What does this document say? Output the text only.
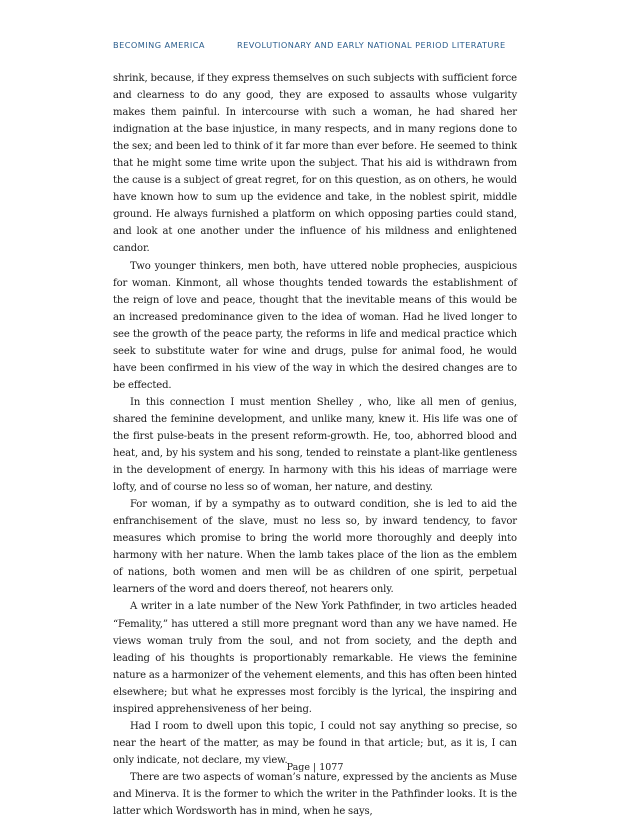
BECOMING AMERICA	REVOLUTIONARY AND EARLY NATIONAL PERIOD LITERATURE

shrink, because, if they express themselves on such subjects with sufficient force and clearness to do any good, they are exposed to assaults whose vulgarity makes them painful. In intercourse with such a woman, he had shared her indignation at the base injustice, in many respects, and in many regions done to the sex; and been led to think of it far more than ever before. He seemed to think that he might some time write upon the subject. That his aid is withdrawn from the cause is a subject of great regret, for on this question, as on others, he would have known how to sum up the evidence and take, in the noblest spirit, middle ground. He always furnished a platform on which opposing parties could stand, and look at one another under the influence of his mildness and enlightened candor.

Two younger thinkers, men both, have uttered noble prophecies, auspicious for woman. Kinmont, all whose thoughts tended towards the establishment of the reign of love and peace, thought that the inevitable means of this would be an increased predominance given to the idea of woman. Had he lived longer to see the growth of the peace party, the reforms in life and medical practice which seek to substitute water for wine and drugs, pulse for animal food, he would have been confirmed in his view of the way in which the desired changes are to be effected.

In this connection I must mention Shelley , who, like all men of genius, shared the feminine development, and unlike many, knew it. His life was one of the first pulse-beats in the present reform-growth. He, too, abhorred blood and heat, and, by his system and his song, tended to reinstate a plant-like gentleness in the development of energy. In harmony with this his ideas of marriage were lofty, and of course no less so of woman, her nature, and destiny.

For woman, if by a sympathy as to outward condition, she is led to aid the enfranchisement of the slave, must no less so, by inward tendency, to favor measures which promise to bring the world more thoroughly and deeply into harmony with her nature. When the lamb takes place of the lion as the emblem of nations, both women and men will be as children of one spirit, perpetual learners of the word and doers thereof, not hearers only.

A writer in a late number of the New York Pathfinder, in two articles headed “Femality,” has uttered a still more pregnant word than any we have named. He views woman truly from the soul, and not from society, and the depth and leading of his thoughts is proportionably remarkable. He views the feminine nature as a harmonizer of the vehement elements, and this has often been hinted elsewhere; but what he expresses most forcibly is the lyrical, the inspiring and inspired apprehensiveness of her being.

Had I room to dwell upon this topic, I could not say anything so precise, so near the heart of the matter, as may be found in that article; but, as it is, I can only indicate, not declare, my view.

There are two aspects of woman’s nature, expressed by the ancients as Muse and Minerva. It is the former to which the writer in the Pathfinder looks. It is the latter which Wordsworth has in mind, when he says,

Page | 1077
